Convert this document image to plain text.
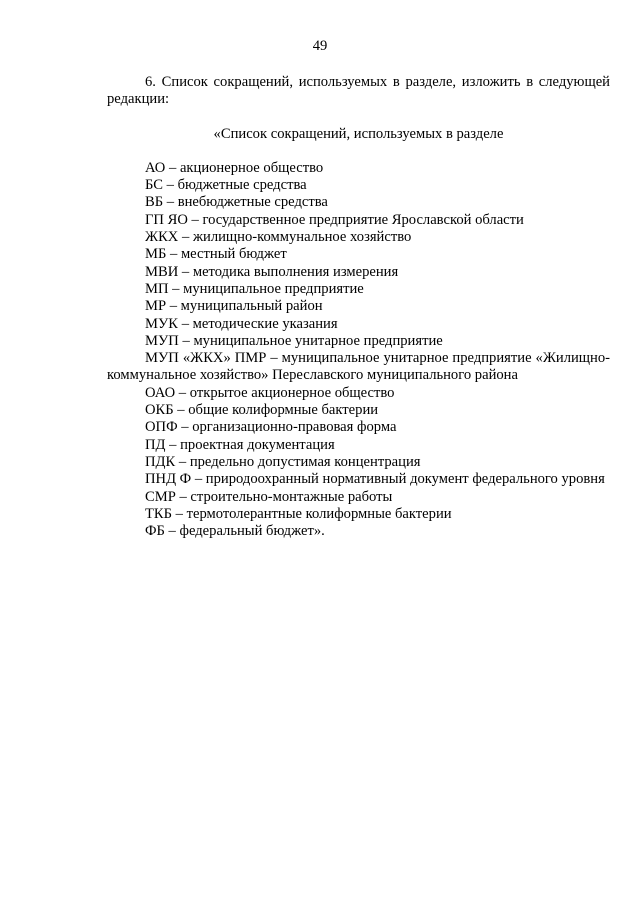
49

6. Список сокращений, используемых в разделе, изложить в следующей редакции:

«Список сокращений, используемых в разделе

АО – акционерное общество
БС – бюджетные средства
ВБ – внебюджетные средства
ГП ЯО – государственное предприятие Ярославской области
ЖКХ – жилищно-коммунальное хозяйство
МБ – местный бюджет
МВИ – методика выполнения измерения
МП – муниципальное предприятие
МР – муниципальный район
МУК – методические указания
МУП – муниципальное унитарное предприятие
МУП «ЖКХ» ПМР – муниципальное унитарное предприятие «Жилищно-коммунальное хозяйство» Переславского муниципального района
ОАО – открытое акционерное общество
ОКБ – общие колиформные бактерии
ОПФ – организационно-правовая форма
ПД – проектная документация
ПДК – предельно допустимая концентрация
ПНД Ф – природоохранный нормативный документ федерального уровня
СМР – строительно-монтажные работы
ТКБ – термотолерантные колиформные бактерии
ФБ – федеральный бюджет».
